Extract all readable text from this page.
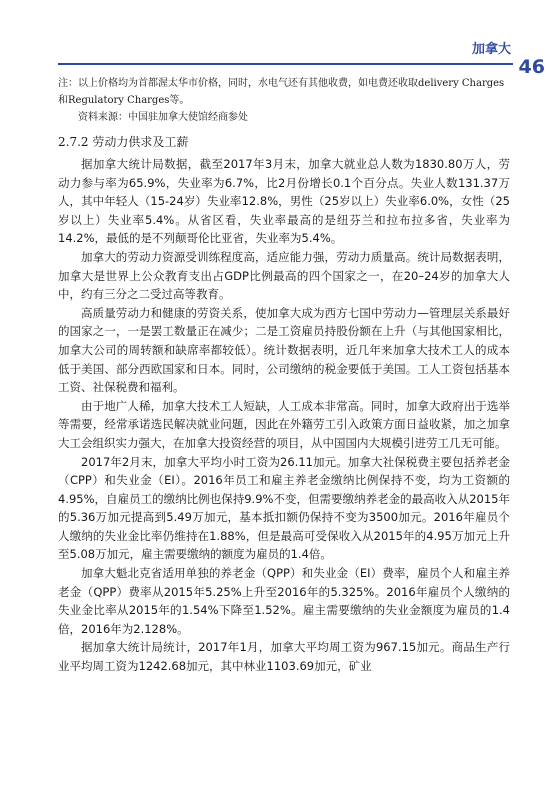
加拿大
46

注：以上价格均为首都渥太华市价格，同时，水电气还有其他收费，如电费还收取delivery Charges和Regulatory Charges等。

资料来源：中国驻加拿大使馆经商参处

2.7.2 劳动力供求及工薪

据加拿大统计局数据，截至2017年3月末，加拿大就业总人数为1830.80万人，劳动力参与率为65.9%，失业率为6.7%，比2月份增长0.1个百分点。失业人数131.37万人，其中年轻人（15-24岁）失业率12.8%，男性（25岁以上）失业率6.0%，女性（25岁以上）失业率5.4%。从省区看，失业率最高的是纽芬兰和拉布拉多省，失业率为14.2%，最低的是不列颠哥伦比亚省，失业率为5.4%。

加拿大的劳动力资源受训练程度高，适应能力强，劳动力质量高。统计局数据表明，加拿大是世界上公众教育支出占GDP比例最高的四个国家之一，在20–24岁的加拿大人中，约有三分之二受过高等教育。

高质量劳动力和健康的劳资关系，使加拿大成为西方七国中劳动力—管理层关系最好的国家之一，一是罢工数量正在减少；二是工资雇员持股份额在上升（与其他国家相比，加拿大公司的周转额和缺席率都较低）。统计数据表明，近几年来加拿大技术工人的成本低于美国、部分西欧国家和日本。同时，公司缴纳的税金要低于美国。工人工资包括基本工资、社保税费和福利。

由于地广人稀，加拿大技术工人短缺，人工成本非常高。同时，加拿大政府出于选举等需要，经常承诺选民解决就业问题，因此在外籍劳工引入政策方面日益收紧，加之加拿大工会组织实力强大，在加拿大投资经营的项目，从中国国内大规模引进劳工几无可能。

2017年2月末，加拿大平均小时工资为26.11加元。加拿大社保税费主要包括养老金（CPP）和失业金（EI）。2016年员工和雇主养老金缴纳比例保持不变，均为工资额的4.95%，自雇员工的缴纳比例也保持9.9%不变，但需要缴纳养老金的最高收入从2015年的5.36万加元提高到5.49万加元，基本抵扣额仍保持不变为3500加元。2016年雇员个人缴纳的失业金比率仍维持在1.88%，但是最高可受保收入从2015年的4.95万加元上升至5.08万加元，雇主需要缴纳的额度为雇员的1.4倍。

加拿大魁北克省适用单独的养老金（QPP）和失业金（EI）费率，雇员个人和雇主养老金（QPP）费率从2015年5.25%上升至2016年的5.325%。2016年雇员个人缴纳的失业金比率从2015年的1.54%下降至1.52%。雇主需要缴纳的失业金额度为雇员的1.4倍，2016年为2.128%。

据加拿大统计局统计，2017年1月，加拿大平均周工资为967.15加元。商品生产行业平均周工资为1242.68加元，其中林业1103.69加元，矿业
